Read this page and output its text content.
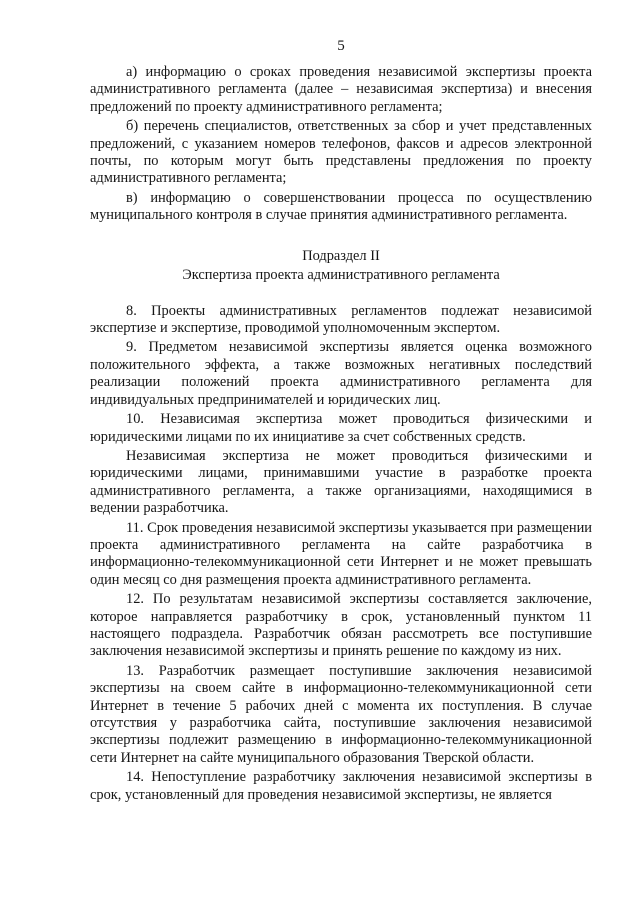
5

а) информацию о сроках проведения независимой экспертизы проекта административного регламента (далее – независимая экспертиза) и внесения предложений по проекту административного регламента;

б) перечень специалистов, ответственных за сбор и учет представленных предложений, с указанием номеров телефонов, факсов и адресов электронной почты, по которым могут быть представлены предложения по проекту административного регламента;

в) информацию о совершенствовании процесса по осуществлению муниципального контроля в случае принятия административного регламента.

Подраздел II
Экспертиза проекта административного регламента

8. Проекты административных регламентов подлежат независимой экспертизе и экспертизе, проводимой уполномоченным экспертом.

9. Предметом независимой экспертизы является оценка возможного положительного эффекта, а также возможных негативных последствий реализации положений проекта административного регламента для индивидуальных предпринимателей и юридических лиц.

10. Независимая экспертиза может проводиться физическими и юридическими лицами по их инициативе за счет собственных средств.

Независимая экспертиза не может проводиться физическими и юридическими лицами, принимавшими участие в разработке проекта административного регламента, а также организациями, находящимися в ведении разработчика.

11. Срок проведения независимой экспертизы указывается при размещении проекта административного регламента на сайте разработчика в информационно-телекоммуникационной сети Интернет и не может превышать один месяц со дня размещения проекта административного регламента.

12. По результатам независимой экспертизы составляется заключение, которое направляется разработчику в срок, установленный пунктом 11 настоящего подраздела. Разработчик обязан рассмотреть все поступившие заключения независимой экспертизы и принять решение по каждому из них.

13. Разработчик размещает поступившие заключения независимой экспертизы на своем сайте в информационно-телекоммуникационной сети Интернет в течение 5 рабочих дней с момента их поступления. В случае отсутствия у разработчика сайта, поступившие заключения независимой экспертизы подлежит размещению в информационно-телекоммуникационной сети Интернет на сайте муниципального образования Тверской области.

14. Непоступление разработчику заключения независимой экспертизы в срок, установленный для проведения независимой экспертизы, не является
